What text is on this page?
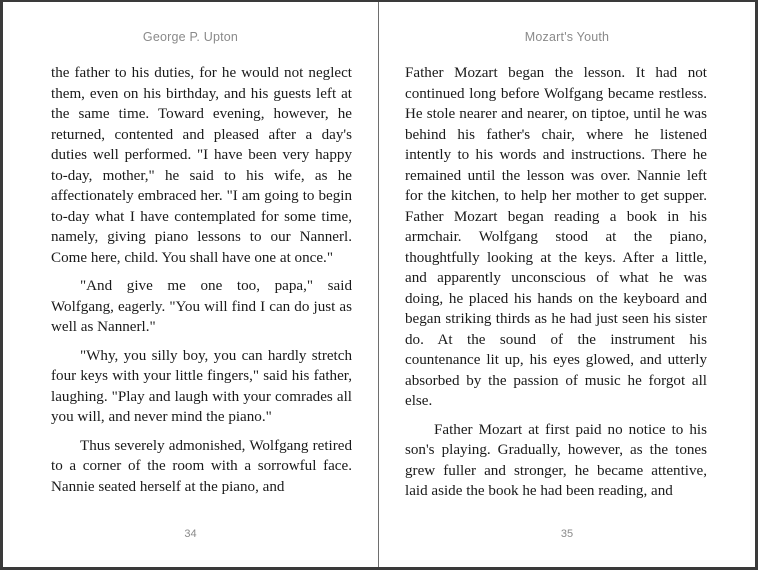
George P. Upton

the father to his duties, for he would not neglect them, even on his birthday, and his guests left at the same time. Toward evening, however, he returned, contented and pleased after a day's duties well performed. "I have been very happy to-day, mother," he said to his wife, as he affectionately embraced her. "I am going to begin to-day what I have contemplated for some time, namely, giving piano lessons to our Nannerl. Come here, child. You shall have one at once."

"And give me one too, papa," said Wolfgang, eagerly. "You will find I can do just as well as Nannerl."

"Why, you silly boy, you can hardly stretch four keys with your little fingers," said his father, laughing. "Play and laugh with your comrades all you will, and never mind the piano."

Thus severely admonished, Wolfgang retired to a corner of the room with a sorrowful face. Nannie seated herself at the piano, and

34
Mozart's Youth

Father Mozart began the lesson. It had not continued long before Wolfgang became restless. He stole nearer and nearer, on tiptoe, until he was behind his father's chair, where he listened intently to his words and instructions. There he remained until the lesson was over. Nannie left for the kitchen, to help her mother to get supper. Father Mozart began reading a book in his armchair. Wolfgang stood at the piano, thoughtfully looking at the keys. After a little, and apparently unconscious of what he was doing, he placed his hands on the keyboard and began striking thirds as he had just seen his sister do. At the sound of the instrument his countenance lit up, his eyes glowed, and utterly absorbed by the passion of music he forgot all else.

Father Mozart at first paid no notice to his son's playing. Gradually, however, as the tones grew fuller and stronger, he became attentive, laid aside the book he had been reading, and

35
